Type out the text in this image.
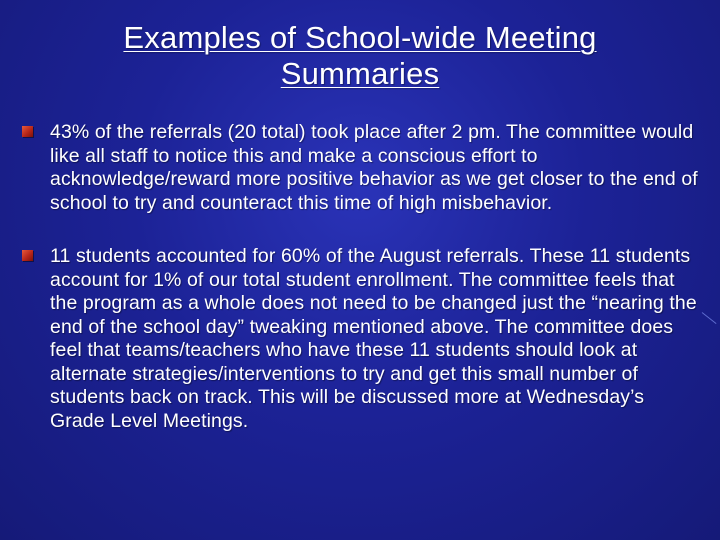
Examples of School-wide Meeting
Summaries
43% of the referrals (20 total) took place after 2 pm. The committee would like all staff to notice this and make a conscious effort to acknowledge/reward more positive behavior as we get closer to the end of school to try and counteract this time of high misbehavior.
11 students accounted for 60% of the August referrals. These 11 students account for 1% of our total student enrollment. The committee feels that the program as a whole does not need to be changed just the “nearing the end of the school day” tweaking mentioned above. The committee does feel that teams/teachers who have these 11 students should look at alternate strategies/interventions to try and get this small number of students back on track. This will be discussed more at Wednesday’s Grade Level Meetings.
